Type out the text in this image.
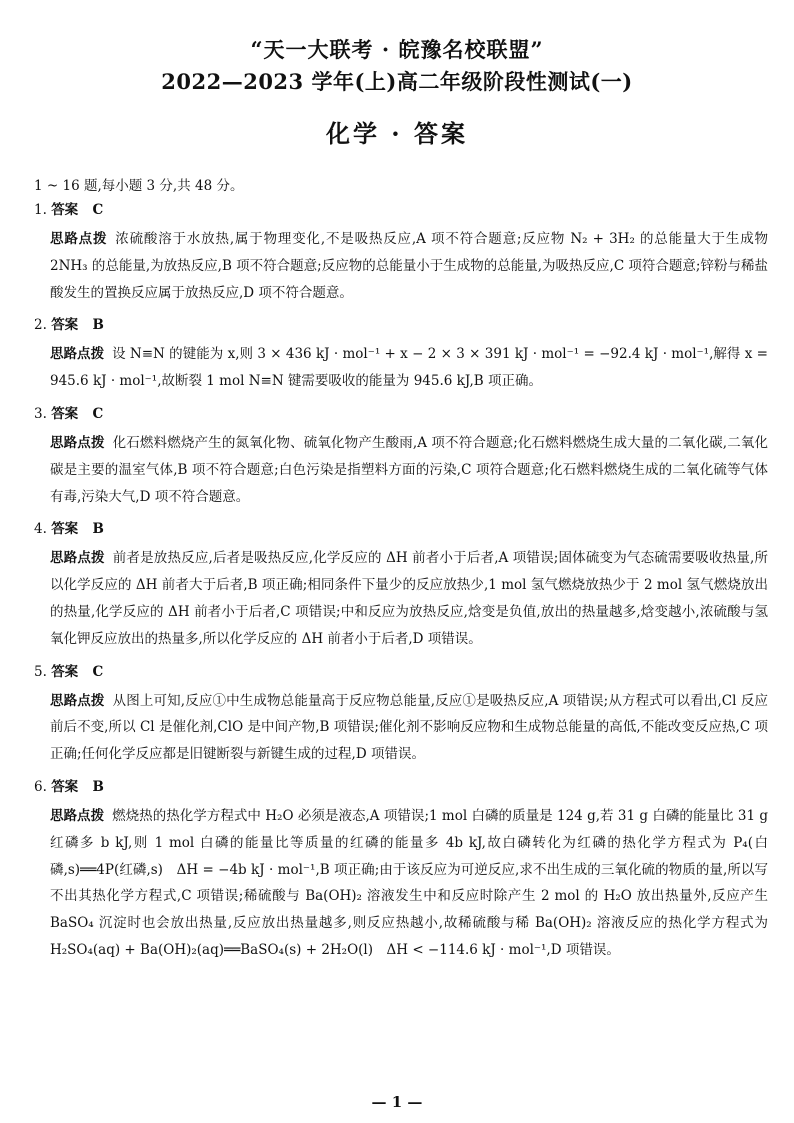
“天一大联考 · 皖豫名校联盟”
2022—2023 学年(上)高二年级阶段性测试(一)
化学 · 答案
1 ~ 16 题,每小题 3 分,共 48 分。

1. 答案 C

思路点拨 浓硫酸溶于水放热,属于物理变化,不是吸热反应,A 项不符合题意;反应物 N₂ + 3H₂ 的总能量大于生成物 2NH₃ 的总能量,为放热反应,B 项不符合题意;反应物的总能量小于生成物的总能量,为吸热反应,C 项符合题意;锌粉与稀盐酸发生的置换反应属于放热反应,D 项不符合题意。

2. 答案 B

思路点拨 设 N≡N 的键能为 x,则 3 × 436 kJ · mol⁻¹ + x − 2 × 3 × 391 kJ · mol⁻¹ = −92.4 kJ · mol⁻¹,解得 x = 945.6 kJ · mol⁻¹,故断裂 1 mol N≡N 键需要吸收的能量为 945.6 kJ,B 项正确。

3. 答案 C

思路点拨 化石燃料燃烧产生的氮氧化物、硫氧化物产生酸雨,A 项不符合题意;化石燃料燃烧生成大量的二氧化碳,二氧化碳是主要的温室气体,B 项不符合题意;白色污染是指塑料方面的污染,C 项符合题意;化石燃料燃烧生成的二氧化硫等气体有毒,污染大气,D 项不符合题意。

4. 答案 B

思路点拨 前者是放热反应,后者是吸热反应,化学反应的 ΔH 前者小于后者,A 项错误;固体硫变为气态硫需要吸收热量,所以化学反应的 ΔH 前者大于后者,B 项正确;相同条件下量少的反应放热少,1 mol 氢气燃烧放热少于 2 mol 氢气燃烧放出的热量,化学反应的 ΔH 前者小于后者,C 项错误;中和反应为放热反应,焓变是负值,放出的热量越多,焓变越小,浓硫酸与氢氧化钾反应放出的热量多,所以化学反应的 ΔH 前者小于后者,D 项错误。

5. 答案 C

思路点拨 从图上可知,反应①中生成物总能量高于反应物总能量,反应①是吸热反应,A 项错误;从方程式可以看出,Cl 反应前后不变,所以 Cl 是催化剂,ClO 是中间产物,B 项错误;催化剂不影响反应物和生成物总能量的高低,不能改变反应热,C 项正确;任何化学反应都是旧键断裂与新键生成的过程,D 项错误。

6. 答案 B

思路点拨 燃烧热的热化学方程式中 H₂O 必须是液态,A 项错误;1 mol 白磷的质量是 124 g,若 31 g 白磷的能量比 31 g 红磷多 b kJ,则 1 mol 白磷的能量比等质量的红磷的能量多 4b kJ,故白磷转化为红磷的热化学方程式为 P₄(白磷,s)══4P(红磷,s)　ΔH = −4b kJ · mol⁻¹,B 项正确;由于该反应为可逆反应,求不出生成的三氧化硫的物质的量,所以写不出其热化学方程式,C 项错误;稀硫酸与 Ba(OH)₂ 溶液发生中和反应时除产生 2 mol 的 H₂O 放出热量外,反应产生 BaSO₄ 沉淀时也会放出热量,反应放出热量越多,则反应热越小,故稀硫酸与稀 Ba(OH)₂ 溶液反应的热化学方程式为 H₂SO₄(aq) + Ba(OH)₂(aq)══BaSO₄(s) + 2H₂O(l)　ΔH < −114.6 kJ · mol⁻¹,D 项错误。

— 1 —
